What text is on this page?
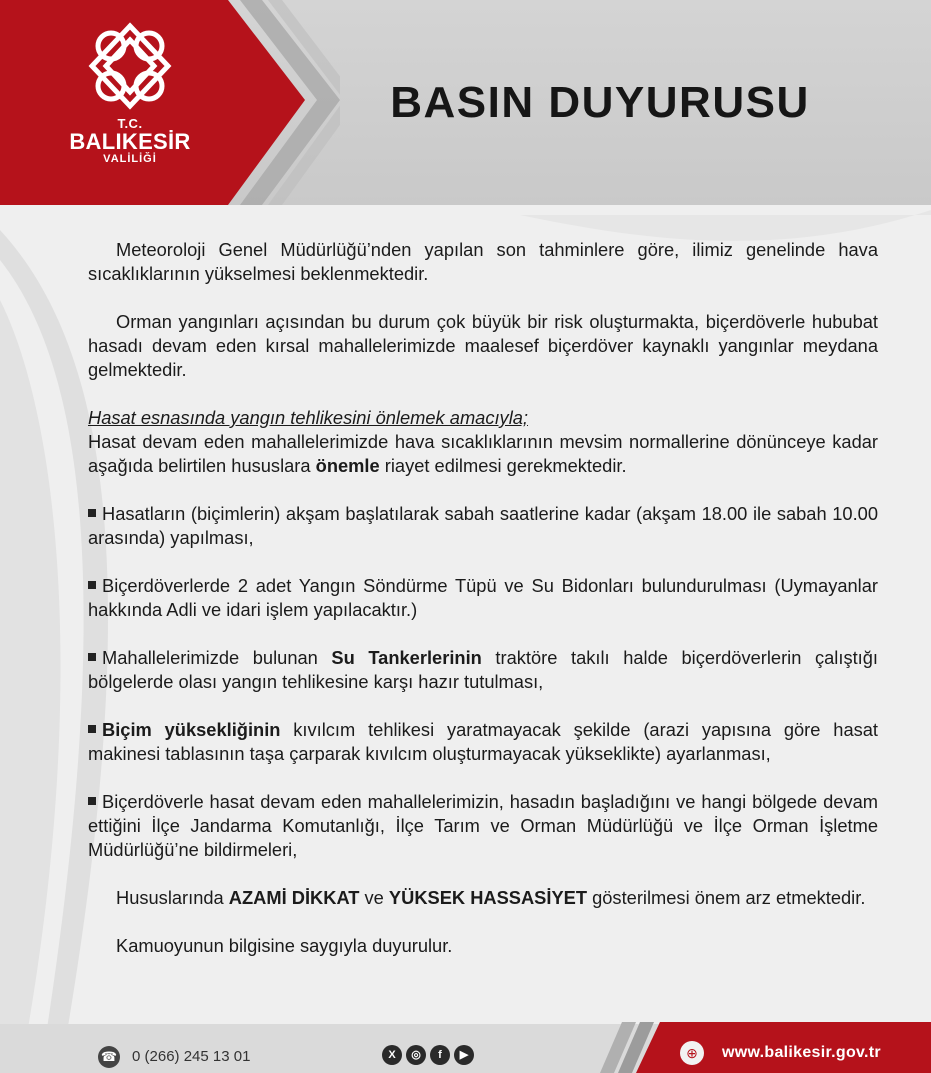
T.C.
BALIKESİR
VALİLİĞİ
BASIN DUYURUSU

Meteoroloji Genel Müdürlüğü’nden yapılan son tahminlere göre, ilimiz genelinde hava sıcaklıklarının yükselmesi beklenmektedir.

Orman yangınları açısından bu durum çok büyük bir risk oluşturmakta, biçerdöverle hububat hasadı devam eden kırsal mahallelerimizde maalesef biçerdöver kaynaklı yangınlar meydana gelmektedir.

Hasat esnasında yangın tehlikesini önlemek amacıyla;

Hasat devam eden mahallelerimizde hava sıcaklıklarının mevsim normallerine dönünceye kadar aşağıda belirtilen hususlara önemle riayet edilmesi gerekmektedir.

Hasatların (biçimlerin) akşam başlatılarak sabah saatlerine kadar (akşam 18.00 ile sabah 10.00 arasında) yapılması,

Biçerdöverlerde 2 adet Yangın Söndürme Tüpü ve Su Bidonları bulundurulması (Uymayanlar hakkında Adli ve idari işlem yapılacaktır.)

Mahallelerimizde bulunan Su Tankerlerinin traktöre takılı halde biçerdöverlerin çalıştığı bölgelerde olası yangın tehlikesine karşı hazır tutulması,

Biçim yüksekliğinin kıvılcım tehlikesi yaratmayacak şekilde (arazi yapısına göre hasat makinesi tablasının taşa çarparak kıvılcım oluşturmayacak yükseklikte) ayarlanması,

Biçerdöverle hasat devam eden mahallelerimizin, hasadın başladığını ve hangi bölgede devam ettiğini İlçe Jandarma Komutanlığı, İlçe Tarım ve Orman Müdürlüğü ve İlçe Orman İşletme Müdürlüğü’ne bildirmeleri,

Hususlarında AZAMİ DİKKAT ve YÜKSEK HASSASİYET gösterilmesi önem arz etmektedir.

Kamuoyunun bilgisine saygıyla duyurulur.

☎ 0 (266) 245 13 01	X ◎ f ▶	⊕	www.balikesir.gov.tr
